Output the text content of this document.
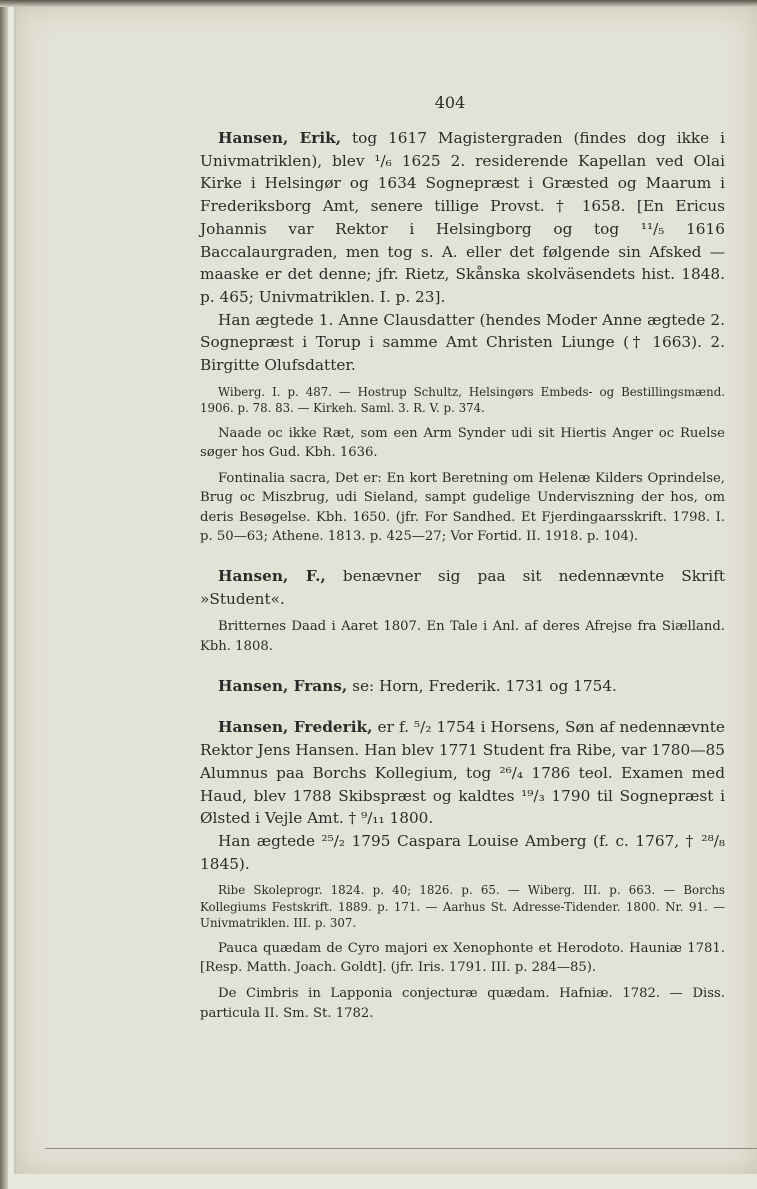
404

Hansen, Erik, tog 1617 Magistergraden (findes dog ikke i Univmatriklen), blev ¹/₆ 1625 2. residerende Kapellan ved Olai Kirke i Helsingør og 1634 Sognepræst i Græsted og Maarum i Frederiksborg Amt, senere tillige Provst. † 1658. [En Ericus Johannis var Rektor i Helsingborg og tog ¹¹/₅ 1616 Baccalaurgraden, men tog s. A. eller det følgende sin Afsked — maaske er det denne; jfr. Rietz, Skånska skolväsendets hist. 1848. p. 465; Univmatriklen. I. p. 23].

Han ægtede 1. Anne Clausdatter (hendes Moder Anne ægtede 2. Sognepræst i Torup i samme Amt Christen Liunge († 1663). 2. Birgitte Olufsdatter.

Wiberg. I. p. 487. — Hostrup Schultz, Helsingørs Embeds- og Bestillingsmænd. 1906. p. 78. 83. — Kirkeh. Saml. 3. R. V. p. 374.

Naade oc ikke Ræt, som een Arm Synder udi sit Hiertis Anger oc Ruelse søger hos Gud. Kbh. 1636.

Fontinalia sacra, Det er: En kort Beretning om Helenæ Kilders Oprindelse, Brug oc Miszbrug, udi Sieland, sampt gudelige Underviszning der hos, om deris Besøgelse. Kbh. 1650. (jfr. For Sandhed. Et Fjerdingaarsskrift. 1798. I. p. 50—63; Athene. 1813. p. 425—27; Vor Fortid. II. 1918. p. 104).

Hansen, F., benævner sig paa sit nedennævnte Skrift »Student«.

Britternes Daad i Aaret 1807. En Tale i Anl. af deres Afrejse fra Siælland. Kbh. 1808.

Hansen, Frans, se: Horn, Frederik. 1731 og 1754.

Hansen, Frederik, er f. ⁵/₂ 1754 i Horsens, Søn af nedennævnte Rektor Jens Hansen. Han blev 1771 Student fra Ribe, var 1780—85 Alumnus paa Borchs Kollegium, tog ²⁶/₄ 1786 teol. Examen med Haud, blev 1788 Skibspræst og kaldtes ¹⁹/₃ 1790 til Sognepræst i Ølsted i Vejle Amt. † ⁹/₁₁ 1800.

Han ægtede ²⁵/₂ 1795 Caspara Louise Amberg (f. c. 1767, † ²⁸/₈ 1845).

Ribe Skoleprogr. 1824. p. 40; 1826. p. 65. — Wiberg. III. p. 663. — Borchs Kollegiums Festskrift. 1889. p. 171. — Aarhus St. Adresse-Tidender. 1800. Nr. 91. — Univmatriklen. III. p. 307.

Pauca quædam de Cyro majori ex Xenophonte et Herodoto. Hauniæ 1781. [Resp. Matth. Joach. Goldt]. (jfr. Iris. 1791. III. p. 284—85).

De Cimbris in Lapponia conjecturæ quædam. Hafniæ. 1782. — Diss. particula II. Sm. St. 1782.
